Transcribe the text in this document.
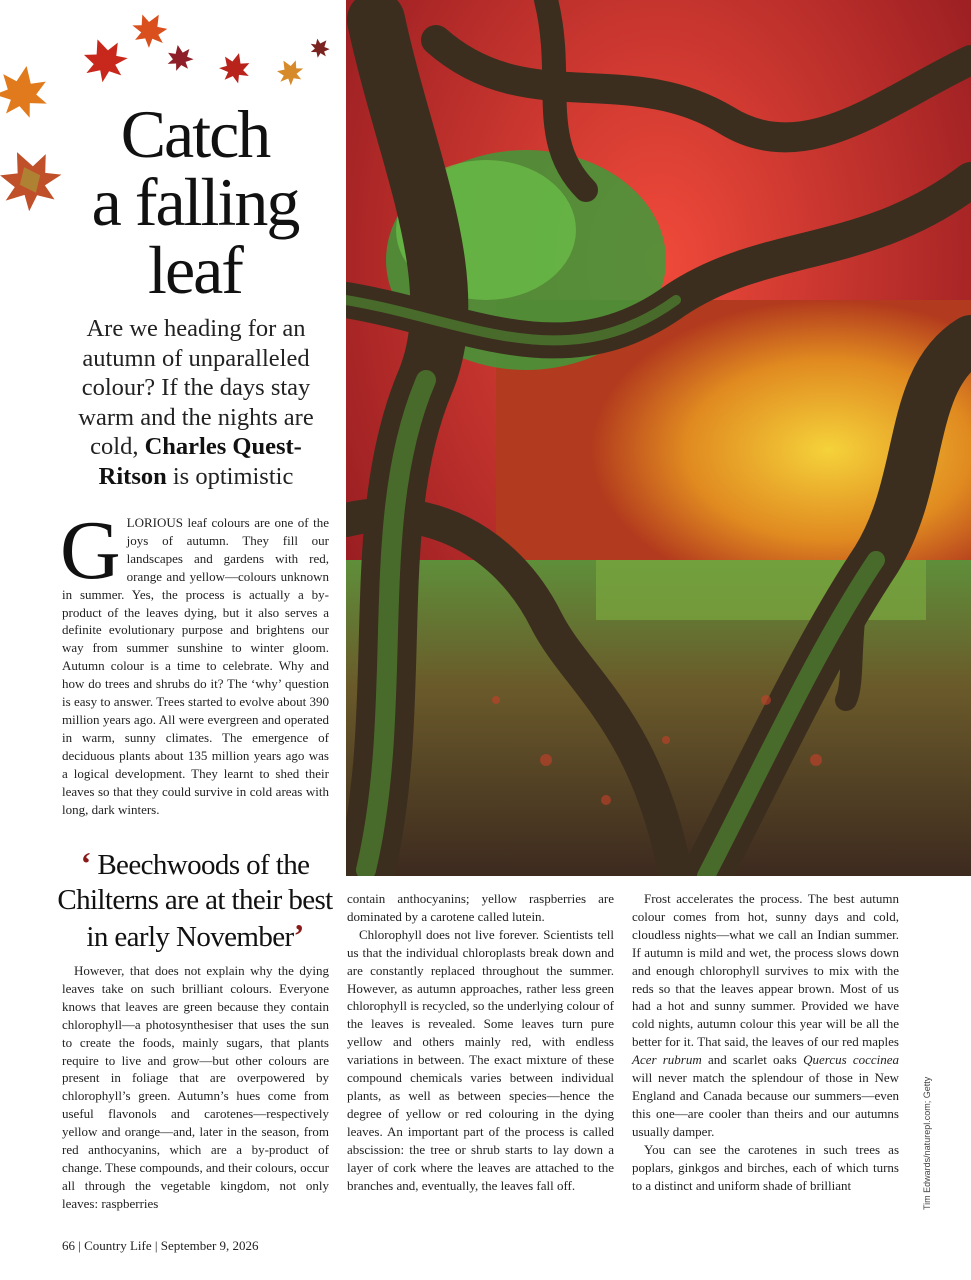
Catch
a falling
leaf
Are we heading for an autumn of unparalleled colour? If the days stay warm and the nights are cold, Charles Quest-Ritson is optimistic

GLORIOUS leaf colours are one of the joys of autumn. They fill our landscapes and gardens with red, orange and yellow—colours unknown in summer. Yes, the process is actually a by-product of the leaves dying, but it also serves a definite evolutionary purpose and brightens our way from summer sunshine to winter gloom. Autumn colour is a time to celebrate. Why and how do trees and shrubs do it? The ‘why’ question is easy to answer. Trees started to evolve about 390 million years ago. All were evergreen and operated in warm, sunny climates. The emergence of deciduous plants about 135 million years ago was a logical development. They learnt to shed their leaves so that they could survive in cold areas with long, dark winters.

‘ Beechwoods of the Chilterns are at their best in early November’

However, that does not explain why the dying leaves take on such brilliant colours. Everyone knows that leaves are green because they contain chlorophyll—a photosynthesiser that uses the sun to create the foods, mainly sugars, that plants require to live and grow—but other colours are present in foliage that are overpowered by chlorophyll’s green. Autumn’s hues come from useful flavonols and carotenes—respectively yellow and orange—and, later in the season, from red anthocyanins, which are a by-product of change. These compounds, and their colours, occur all through the vegetable kingdom, not only leaves: raspberries

contain anthocyanins; yellow raspberries are dominated by a carotene called lutein.

Chlorophyll does not live forever. Scientists tell us that the individual chloroplasts break down and are constantly replaced throughout the summer. However, as autumn approaches, rather less green chlorophyll is recycled, so the underlying colour of the leaves is revealed. Some leaves turn pure yellow and others mainly red, with endless variations in between. The exact mixture of these compound chemicals varies between individual plants, as well as between species—hence the degree of yellow or red colouring in the dying leaves. An important part of the process is called abscission: the tree or shrub starts to lay down a layer of cork where the leaves are attached to the branches and, eventually, the leaves fall off.

Frost accelerates the process. The best autumn colour comes from hot, sunny days and cold, cloudless nights—what we call an Indian summer. If autumn is mild and wet, the process slows down and enough chlorophyll survives to mix with the reds so that the leaves appear brown. Most of us had a hot and sunny summer. Provided we have cold nights, autumn colour this year will be all the better for it. That said, the leaves of our red maples Acer rubrum and scarlet oaks Quercus coccinea will never match the splendour of those in New England and Canada because our summers—even this one—are cooler than theirs and our autumns usually damper.

You can see the carotenes in such trees as poplars, ginkgos and birches, each of which turns to a distinct and uniform shade of brilliant	Tim Edwards/naturepl.com; Getty
66 | Country Life | September 9, 2026
